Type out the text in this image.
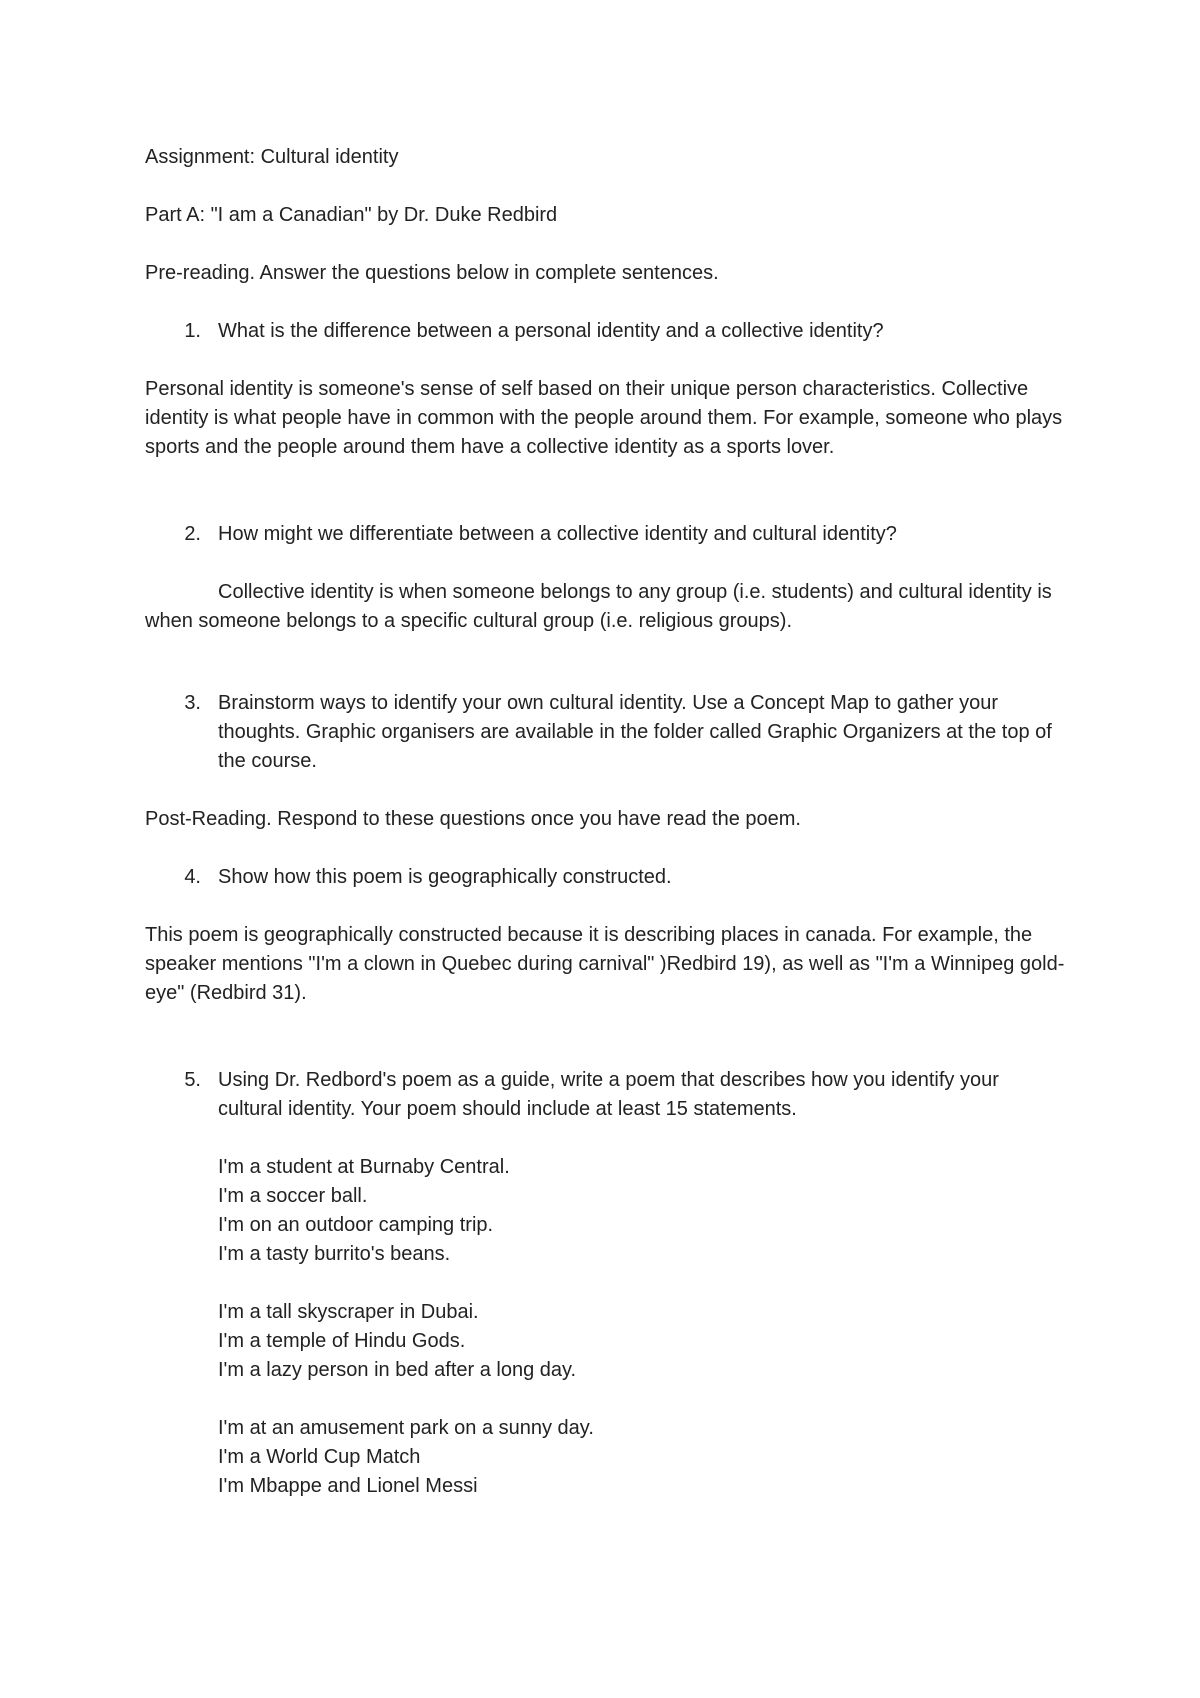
Assignment: Cultural identity

Part A: "I am a Canadian" by Dr. Duke Redbird

Pre-reading. Answer the questions below in complete sentences.

1. What is the difference between a personal identity and a collective identity?

Personal identity is someone's sense of self based on their unique person characteristics. Collective identity is what people have in common with the people around them. For example, someone who plays sports and the people around them have a collective identity as a sports lover.

2. How might we differentiate between a collective identity and cultural identity?

Collective identity is when someone belongs to any group (i.e. students) and cultural identity is when someone belongs to a specific cultural group (i.e. religious groups).

3. Brainstorm ways to identify your own cultural identity. Use a Concept Map to gather your thoughts. Graphic organisers are available in the folder called Graphic Organizers at the top of the course.

Post-Reading. Respond to these questions once you have read the poem.

4. Show how this poem is geographically constructed.

This poem is geographically constructed because it is describing places in canada. For example, the speaker mentions "I'm a clown in Quebec during carnival" )Redbird 19), as well as "I'm a Winnipeg gold-eye" (Redbird 31).

5. Using Dr. Redbord's poem as a guide, write a poem that describes how you identify your cultural identity. Your poem should include at least 15 statements.
I'm a student at Burnaby Central.
I'm a soccer ball.
I'm on an outdoor camping trip.
I'm a tasty burrito's beans.
I'm a tall skyscraper in Dubai.
I'm a temple of Hindu Gods.
I'm a lazy person in bed after a long day.
I'm at an amusement park on a sunny day.
I'm a World Cup Match
I'm Mbappe and Lionel Messi
